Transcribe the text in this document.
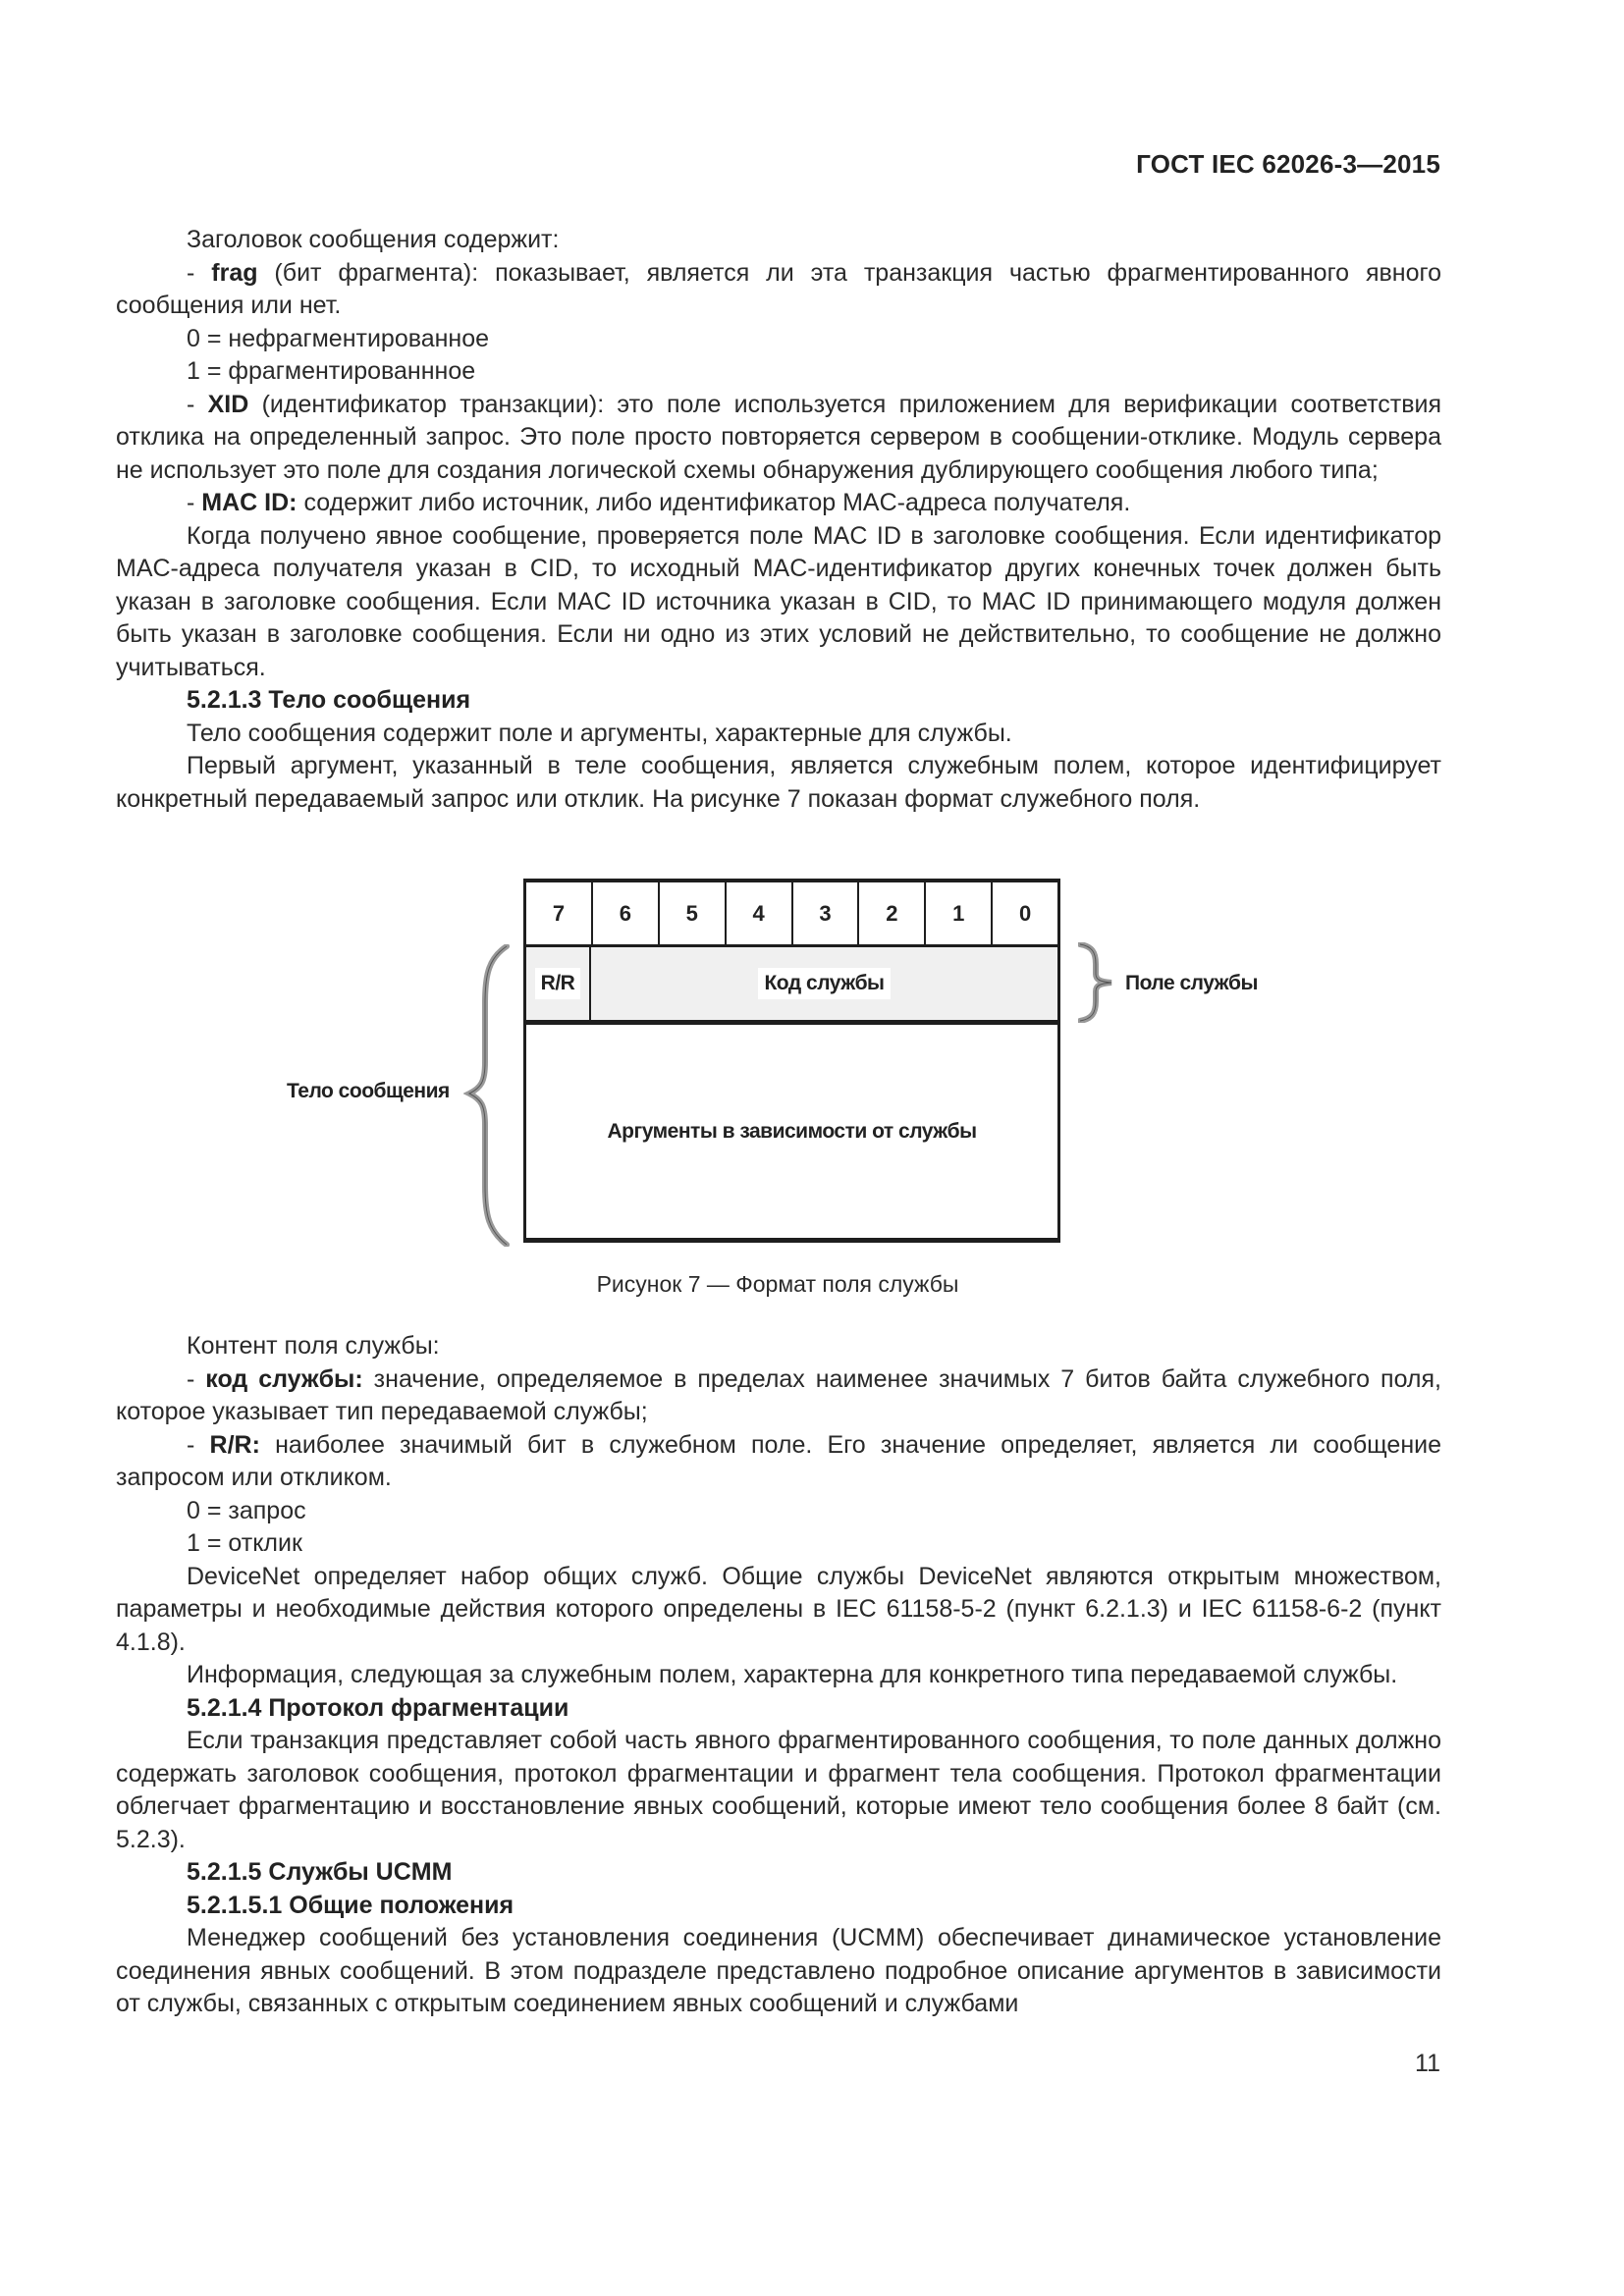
ГОСТ IEC 62026-3—2015

Заголовок сообщения содержит:

- frag (бит фрагмента): показывает, является ли эта транзакция частью фрагментированного явного сообщения или нет.

0 = нефрагментированное

1 = фрагментированнное

- XID (идентификатор транзакции): это поле используется приложением для верификации соответствия отклика на определенный запрос. Это поле просто повторяется сервером в сообщении-отклике. Модуль сервера не использует это поле для создания логической схемы обнаружения дублирующего сообщения любого типа;

- MAC ID: содержит либо источник, либо идентификатор MAC-адреса получателя.

Когда получено явное сообщение, проверяется поле MAC ID в заголовке сообщения. Если идентификатор MAC-адреса получателя указан в CID, то исходный MAC-идентификатор других конечных точек должен быть указан в заголовке сообщения. Если MAC ID источника указан в CID, то MAC ID принимающего модуля должен быть указан в заголовке сообщения. Если ни одно из этих условий не действительно, то сообщение не должно учитываться.

5.2.1.3 Тело сообщения

Тело сообщения содержит поле и аргументы, характерные для службы.

Первый аргумент, указанный в теле сообщения, является служебным полем, которое идентифицирует конкретный передаваемый запрос или отклик. На рисунке 7 показан формат служебного поля.

7	6	5	4	3	2	1	0
R/R	Код службы
Аргументы в зависимости от службы
Тело сообщения
Поле службы
Рисунок 7 — Формат поля службы

Контент поля службы:

- код службы: значение, определяемое в пределах наименее значимых 7 битов байта служебного поля, которое указывает тип передаваемой службы;

- R/R: наиболее значимый бит в служебном поле. Его значение определяет, является ли сообщение запросом или откликом.

0 = запрос

1 = отклик

DeviceNet определяет набор общих служб. Общие службы DeviceNet являются открытым множеством, параметры и необходимые действия которого определены в IEC 61158-5-2 (пункт 6.2.1.3) и IEC 61158-6-2 (пункт 4.1.8).

Информация, следующая за служебным полем, характерна для конкретного типа передаваемой службы.

5.2.1.4 Протокол фрагментации

Если транзакция представляет собой часть явного фрагментированного сообщения, то поле данных должно содержать заголовок сообщения, протокол фрагментации и фрагмент тела сообщения. Протокол фрагментации облегчает фрагментацию и восстановление явных сообщений, которые имеют тело сообщения более 8 байт (см. 5.2.3).

5.2.1.5 Службы UCMM

5.2.1.5.1 Общие положения

Менеджер сообщений без установления соединения (UCMM) обеспечивает динамическое установление соединения явных сообщений. В этом подразделе представлено подробное описание аргументов в зависимости от службы, связанных с открытым соединением явных сообщений и службами

11
